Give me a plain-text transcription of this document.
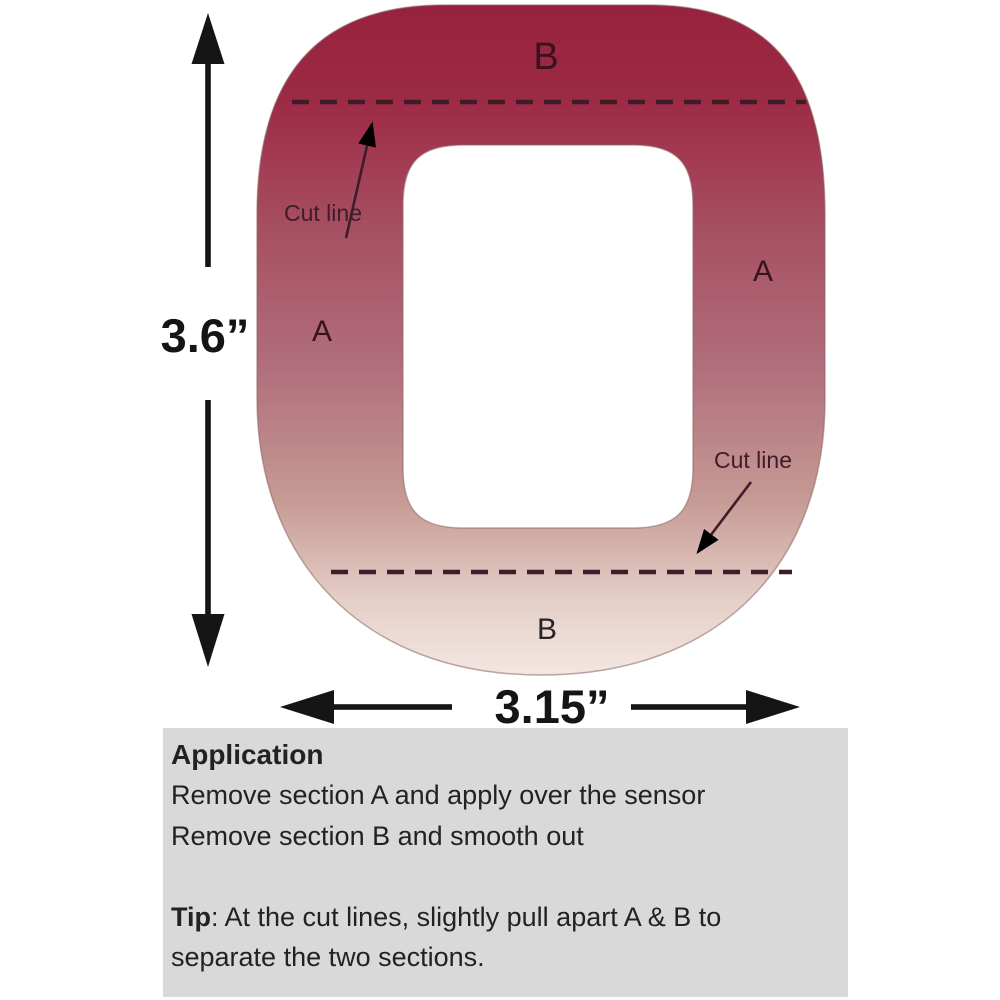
B
A
A
B
Cut line
Cut line
3.6”
3.15”
Application
Remove section A and apply over the sensor
Remove section B and smooth out

Tip: At the cut lines, slightly pull apart A & B to
separate the two sections.
